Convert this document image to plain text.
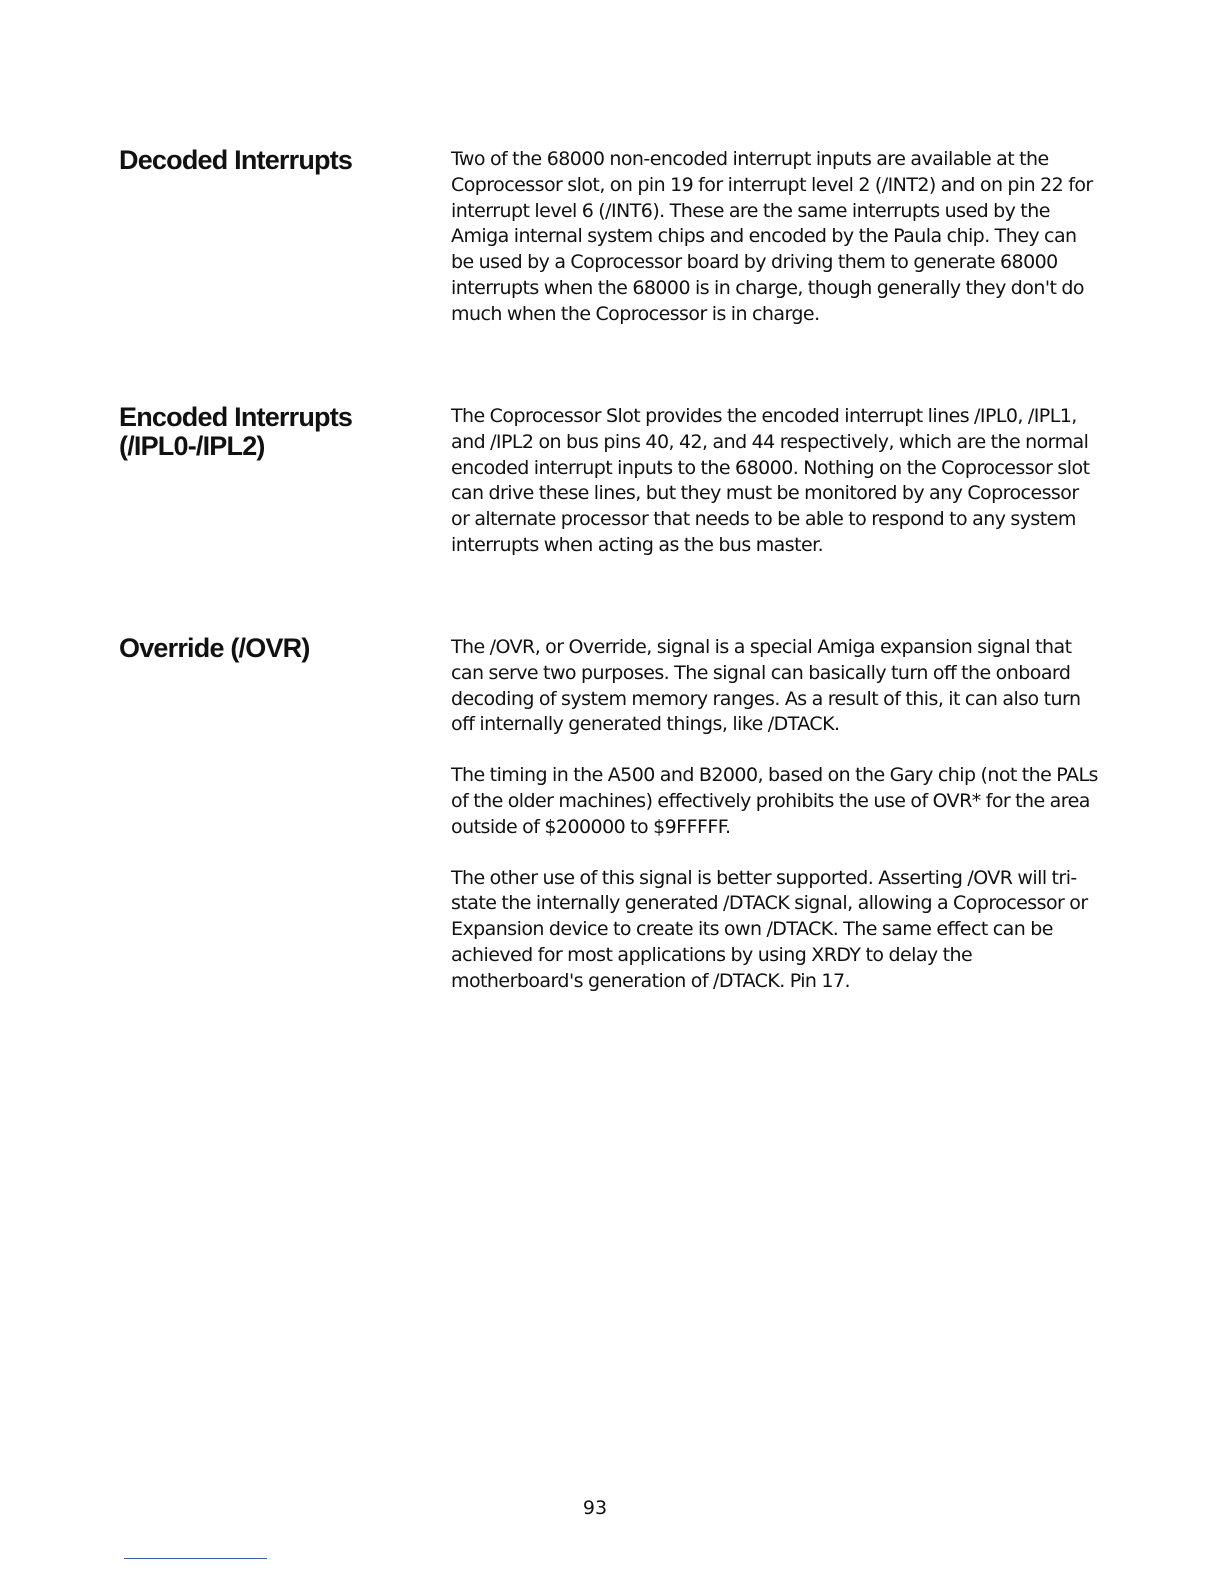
Decoded Interrupts	Two of the 68000 non-encoded interrupt inputs are available at the Coprocessor slot, on pin 19 for interrupt level 2 (/INT2) and on pin 22 for interrupt level 6 (/INT6). These are the same interrupts used by the Amiga internal system chips and encoded by the Paula chip. They can be used by a Coprocessor board by driving them to generate 68000 interrupts when the 68000 is in charge, though generally they don't do much when the Coprocessor is in charge.

Encoded Interrupts
(/IPL0-/IPL2)

The Coprocessor Slot provides the encoded interrupt lines /IPL0, /IPL1, and /IPL2 on bus pins 40, 42, and 44 respectively, which are the normal encoded interrupt inputs to the 68000. Nothing on the Coprocessor slot can drive these lines, but they must be monitored by any Coprocessor or alternate processor that needs to be able to respond to any system interrupts when acting as the bus master.

Override (/OVR)	The /OVR, or Override, signal is a special Amiga expansion signal that can serve two purposes. The signal can basically turn off the onboard decoding of system memory ranges. As a result of this, it can also turn off internally generated things, like /DTACK.

The timing in the A500 and B2000, based on the Gary chip (not the PALs of the older machines) effectively prohibits the use of OVR* for the area outside of $200000 to $9FFFFF.

The other use of this signal is better supported. Asserting /OVR will tri-state the internally generated /DTACK signal, allowing a Coprocessor or Expansion device to create its own /DTACK. The same effect can be achieved for most applications by using XRDY to delay the motherboard's generation of /DTACK. Pin 17.

93
